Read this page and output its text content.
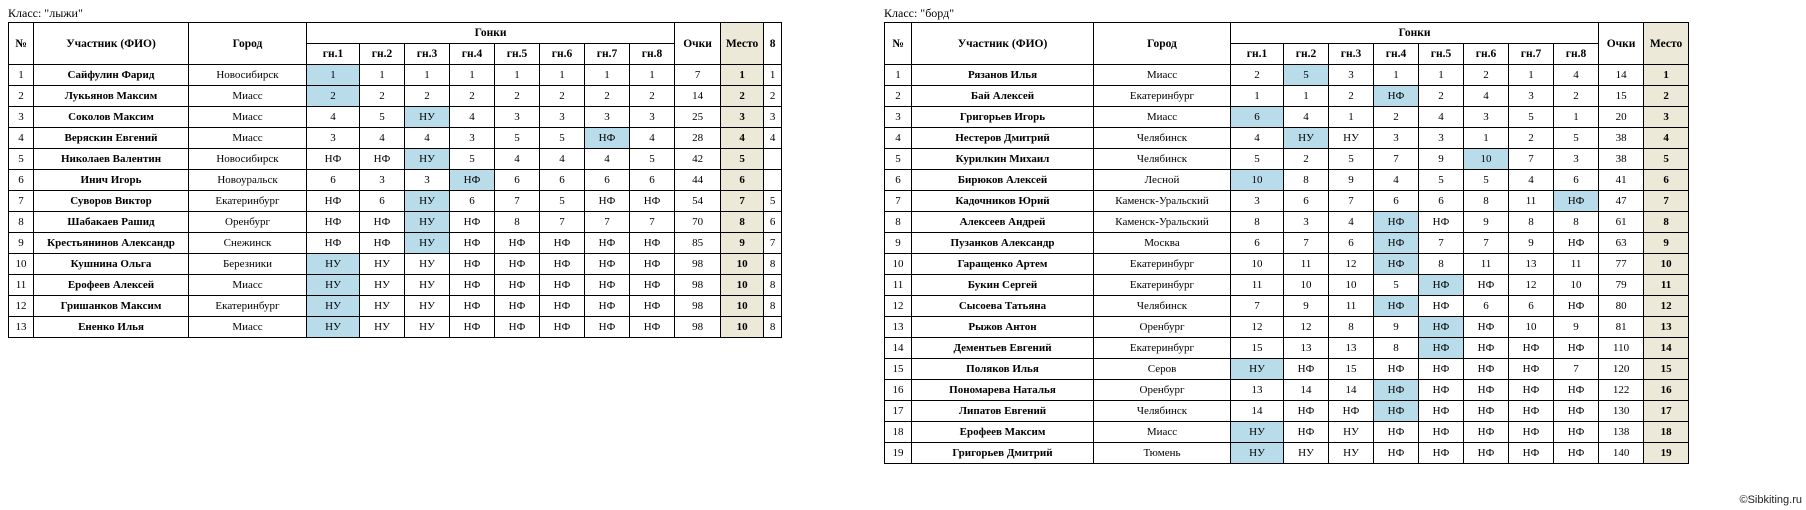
Класс: "лыжи"
№	Участник (ФИО)	Город	Гонки								Очки	Место	8
			гн.1	гн.2	гн.3	гн.4	гн.5	гн.6	гн.7	гн.8			
1	Сайфулин Фарид	Новосибирск	1	1	1	1	1	1	1	1	7	1	1
2	Лукьянов Максим	Миасс	2	2	2	2	2	2	2	2	14	2	2
3	Соколов Максим	Миасс	4	5	НУ	4	3	3	3	3	25	3	3
4	Веряскин Евгений	Миасс	3	4	4	3	5	5	НФ	4	28	4	4
5	Николаев Валентин	Новосибирск	НФ	НФ	НУ	5	4	4	4	5	42	5	
6	Инич Игорь	Новоуральск	6	3	3	НФ	6	6	6	6	44	6	
7	Суворов Виктор	Екатеринбург	НФ	6	НУ	6	7	5	НФ	НФ	54	7	5
8	Шабакаев Рашид	Оренбург	НФ	НФ	НУ	НФ	8	7	7	7	70	8	6
9	Крестьянинов Александр	Снежинск	НФ	НФ	НУ	НФ	НФ	НФ	НФ	НФ	85	9	7
10	Кушнина Ольга	Березники	НУ	НУ	НУ	НФ	НФ	НФ	НФ	НФ	98	10	8
11	Ерофеев Алексей	Миасс	НУ	НУ	НУ	НФ	НФ	НФ	НФ	НФ	98	10	8
12	Гришанков Максим	Екатеринбург	НУ	НУ	НУ	НФ	НФ	НФ	НФ	НФ	98	10	8
13	Ененко Илья	Миасс	НУ	НУ	НУ	НФ	НФ	НФ	НФ	НФ	98	10	8
Класс: "борд"
№	Участник (ФИО)	Город	Гонки								Очки	Место
			гн.1	гн.2	гн.3	гн.4	гн.5	гн.6	гн.7	гн.8		
1	Рязанов Илья	Миасс	2	5	3	1	1	2	1	4	14	1
2	Бай Алексей	Екатеринбург	1	1	2	НФ	2	4	3	2	15	2
3	Григорьев Игорь	Миасс	6	4	1	2	4	3	5	1	20	3
4	Нестеров Дмитрий	Челябинск	4	НУ	НУ	3	3	1	2	5	38	4
5	Курилкин Михаил	Челябинск	5	2	5	7	9	10	7	3	38	5
6	Бирюков Алексей	Лесной	10	8	9	4	5	5	4	6	41	6
7	Кадочников Юрий	Каменск-Уральский	3	6	7	6	6	8	11	НФ	47	7
8	Алексеев Андрей	Каменск-Уральский	8	3	4	НФ	НФ	9	8	8	61	8
9	Пузанков Александр	Москва	6	7	6	НФ	7	7	9	НФ	63	9
10	Гаращенко Артем	Екатеринбург	10	11	12	НФ	8	11	13	11	77	10
11	Букин Сергей	Екатеринбург	11	10	10	5	НФ	НФ	12	10	79	11
12	Сысоева Татьяна	Челябинск	7	9	11	НФ	НФ	6	6	НФ	80	12
13	Рыжов Антон	Оренбург	12	12	8	9	НФ	НФ	10	9	81	13
14	Дементьев Евгений	Екатеринбург	15	13	13	8	НФ	НФ	НФ	НФ	110	14
15	Поляков Илья	Серов	НУ	НФ	15	НФ	НФ	НФ	НФ	7	120	15
16	Пономарева Наталья	Оренбург	13	14	14	НФ	НФ	НФ	НФ	НФ	122	16
17	Липатов Евгений	Челябинск	14	НФ	НФ	НФ	НФ	НФ	НФ	НФ	130	17
18	Ерофеев Максим	Миасс	НУ	НФ	НУ	НФ	НФ	НФ	НФ	НФ	138	18
19	Григорьев Дмитрий	Тюмень	НУ	НУ	НУ	НФ	НФ	НФ	НФ	НФ	140	19
©Sibkiting.ru
